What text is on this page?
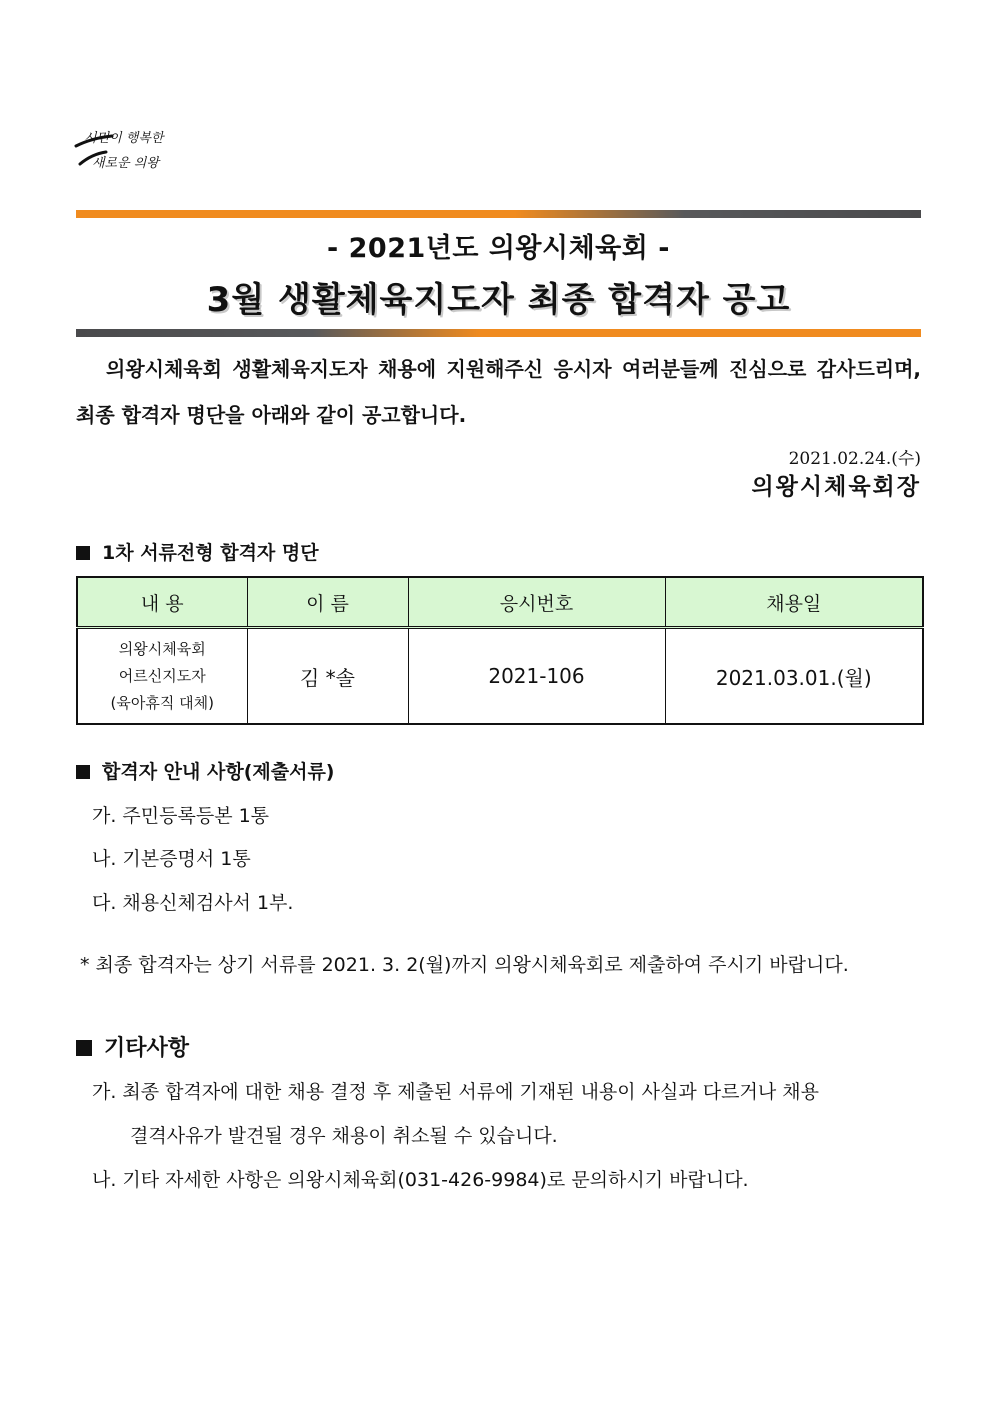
시민이 행복한
새로운 의왕
- 2021년도 의왕시체육회 -
3월 생활체육지도자 최종 합격자 공고
의왕시체육회 생활체육지도자 채용에 지원해주신 응시자 여러분들께 진심으로 감사드리며, 최종 합격자 명단을 아래와 같이 공고합니다.
2021.02.24.(수)
의왕시체육회장
1차 서류전형 합격자 명단
내 용	이 름	응시번호	채용일

의왕시체육회
어르신지도자
(육아휴직 대체)	김 *솔	2021-106	2021.03.01.(월)
합격자 안내 사항(제출서류)
가. 주민등록등본 1통
나. 기본증명서 1통
다. 채용신체검사서 1부.
* 최종 합격자는 상기 서류를 2021. 3. 2(월)까지 의왕시체육회로 제출하여 주시기 바랍니다.
기타사항
가. 최종 합격자에 대한 채용 결정 후 제출된 서류에 기재된 내용이 사실과 다르거나 채용
결격사유가 발견될 경우 채용이 취소될 수 있습니다.
나. 기타 자세한 사항은 의왕시체육회(031-426-9984)로 문의하시기 바랍니다.
